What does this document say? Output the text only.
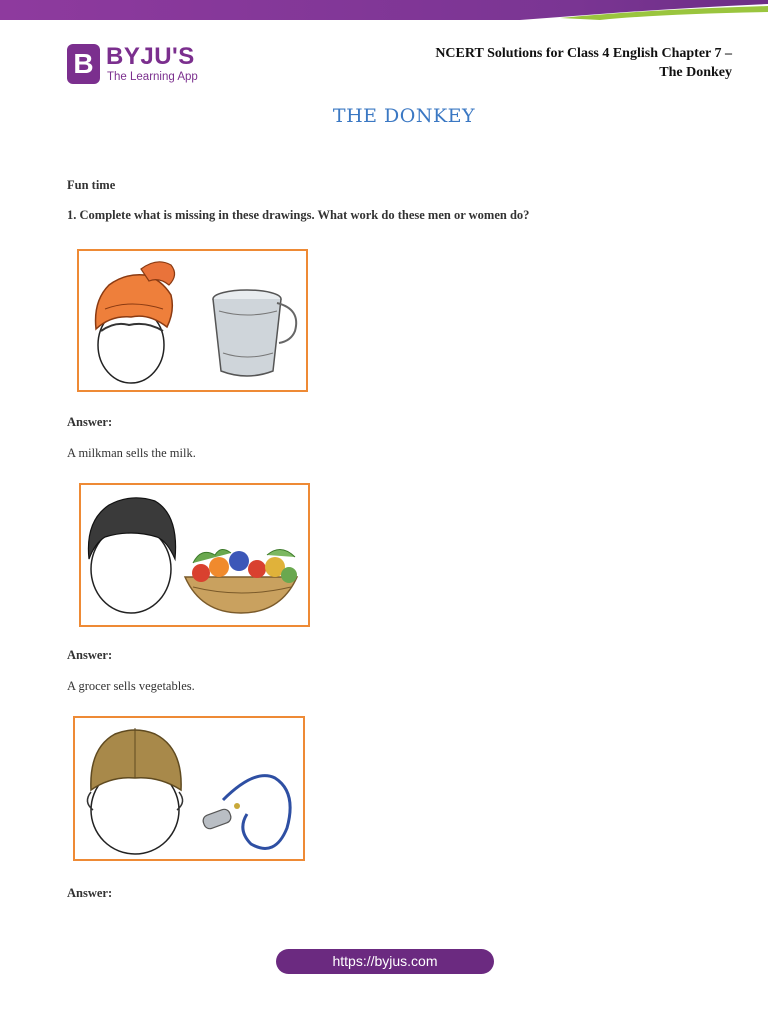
B BYJU'S
The Learning App
NCERT Solutions for Class 4 English Chapter 7 –
The Donkey
THE DONKEY
Fun time
1. Complete what is missing in these drawings. What work do these men or women do?
Answer:
A milkman sells the milk.
Answer:
A grocer sells vegetables.
Answer:
https://byjus.com
